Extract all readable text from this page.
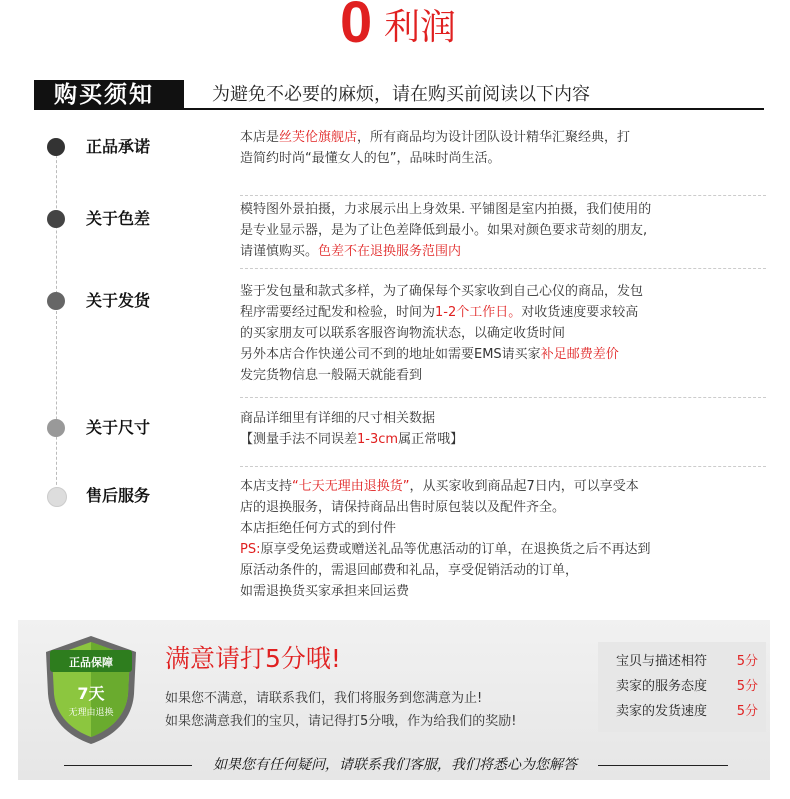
0 利润
购买须知	为避免不必要的麻烦，请在购买前阅读以下内容
正品承诺	本店是丝芙伦旗舰店，所有商品均为设计团队设计精华汇聚经典，打
造简约时尚“最懂女人的包”，品味时尚生活。
关于色差	模特图外景拍摄，力求展示出上身效果. 平铺图是室内拍摄，我们使用的
是专业显示器，是为了让色差降低到最小。如果对颜色要求苛刻的朋友,
请谨慎购买。色差不在退换服务范围内
关于发货	鉴于发包量和款式多样，为了确保每个买家收到自己心仪的商品，发包
程序需要经过配发和检验，时间为1-2个工作日。对收货速度要求较高
的买家朋友可以联系客服咨询物流状态，以确定收货时间
另外本店合作快递公司不到的地址如需要EMS请买家补足邮费差价
发完货物信息一般隔天就能看到
关于尺寸	商品详细里有详细的尺寸相关数据
【测量手法不同误差1-3cm属正常哦】
售后服务	本店支持“七天无理由退换货”，从买家收到商品起7日内，可以享受本
店的退换服务，请保持商品出售时原包装以及配件齐全。
本店拒绝任何方式的到付件
PS:原享受免运费或赠送礼品等优惠活动的订单，在退换货之后不再达到
原活动条件的，需退回邮费和礼品，享受促销活动的订单，
如需退换货买家承担来回运费
正品保障
7天
无理由退换
满意请打5分哦!
如果您不满意，请联系我们，我们将服务到您满意为止!
如果您满意我们的宝贝，请记得打5分哦，作为给我们的奖励!
宝贝与描述相符 5分
卖家的服务态度 5分
卖家的发货速度 5分
如果您有任何疑问，请联系我们客服，我们将悉心为您解答
